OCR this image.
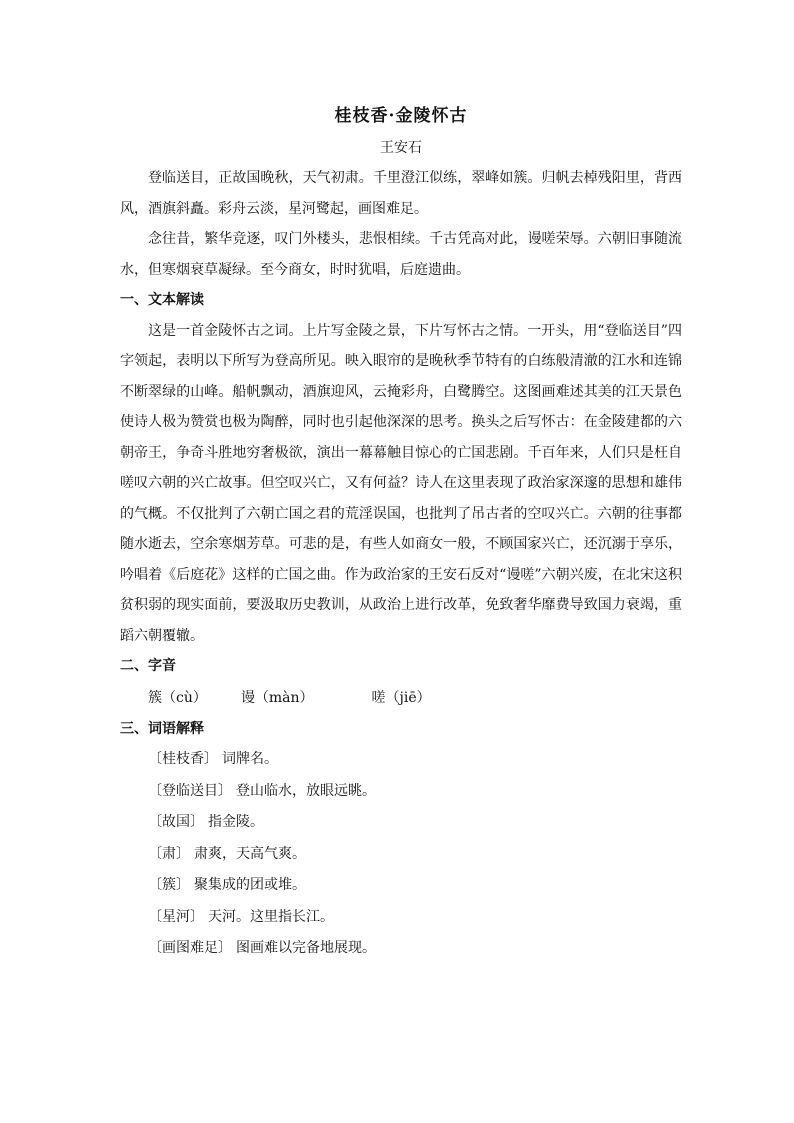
桂枝香·金陵怀古
王安石

登临送目，正故国晚秋，天气初肃。千里澄江似练，翠峰如簇。归帆去棹残阳里，背西风，酒旗斜矗。彩舟云淡，星河鹭起，画图难足。

念往昔，繁华竞逐，叹门外楼头，悲恨相续。千古凭高对此，谩嗟荣辱。六朝旧事随流水，但寒烟衰草凝绿。至今商女，时时犹唱，后庭遗曲。

一、文本解读

这是一首金陵怀古之词。上片写金陵之景，下片写怀古之情。一开头，用“登临送目”四字领起，表明以下所写为登高所见。映入眼帘的是晚秋季节特有的白练般清澈的江水和连锦不断翠绿的山峰。船帆飘动，酒旗迎风，云掩彩舟，白鹭腾空。这图画难述其美的江天景色使诗人极为赞赏也极为陶醉，同时也引起他深深的思考。换头之后写怀古：在金陵建都的六朝帝王，争奇斗胜地穷奢极欲，演出一幕幕触目惊心的亡国悲剧。千百年来，人们只是枉自嗟叹六朝的兴亡故事。但空叹兴亡，又有何益？诗人在这里表现了政治家深邃的思想和雄伟的气概。不仅批判了六朝亡国之君的荒淫误国，也批判了吊古者的空叹兴亡。六朝的往事都随水逝去，空余寒烟芳草。可悲的是，有些人如商女一般，不顾国家兴亡，还沉溺于享乐，吟唱着《后庭花》这样的亡国之曲。作为政治家的王安石反对“谩嗟”六朝兴废，在北宋这积贫积弱的现实面前，要汲取历史教训，从政治上进行改革，免致奢华靡费导致国力衰竭，重蹈六朝覆辙。

二、字音
簇（cù） 谩（màn）	嗟（jiē）
三、词语解释
〔桂枝香〕 词牌名。
〔登临送目〕 登山临水，放眼远眺。
〔故国〕 指金陵。
〔肃〕 肃爽，天高气爽。
〔簇〕 聚集成的团或堆。
〔星河〕 天河。这里指长江。
〔画图难足〕 图画难以完备地展现。
